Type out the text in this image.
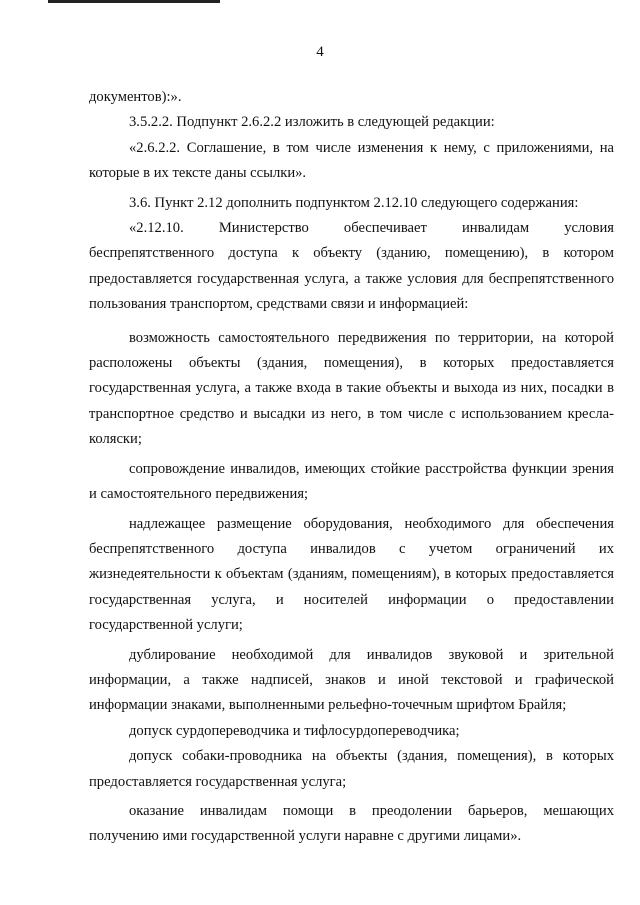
4

документов):».

3.5.2.2. Подпункт 2.6.2.2 изложить в следующей редакции:

«2.6.2.2. Соглашение, в том числе изменения к нему, с приложениями, на которые в их тексте даны ссылки».

3.6. Пункт 2.12 дополнить подпунктом 2.12.10 следующего содержания:

«2.12.10. Министерство обеспечивает инвалидам условия беспрепятственного доступа к объекту (зданию, помещению), в котором предоставляется государственная услуга, а также условия для беспрепятственного пользования транспортом, средствами связи и информацией:

возможность самостоятельного передвижения по территории, на которой расположены объекты (здания, помещения), в которых предоставляется государственная услуга, а также входа в такие объекты и выхода из них, посадки в транспортное средство и высадки из него, в том числе с использованием кресла-коляски;

сопровождение инвалидов, имеющих стойкие расстройства функции зрения и самостоятельного передвижения;

надлежащее размещение оборудования, необходимого для обеспечения беспрепятственного доступа инвалидов с учетом ограничений их жизнедеятельности к объектам (зданиям, помещениям), в которых предоставляется государственная услуга, и носителей информации о предоставлении государственной услуги;

дублирование необходимой для инвалидов звуковой и зрительной информации, а также надписей, знаков и иной текстовой и графической информации знаками, выполненными рельефно-точечным шрифтом Брайля;

допуск сурдопереводчика и тифлосурдопереводчика;

допуск собаки-проводника на объекты (здания, помещения), в которых предоставляется государственная услуга;

оказание инвалидам помощи в преодолении барьеров, мешающих получению ими государственной услуги наравне с другими лицами».
